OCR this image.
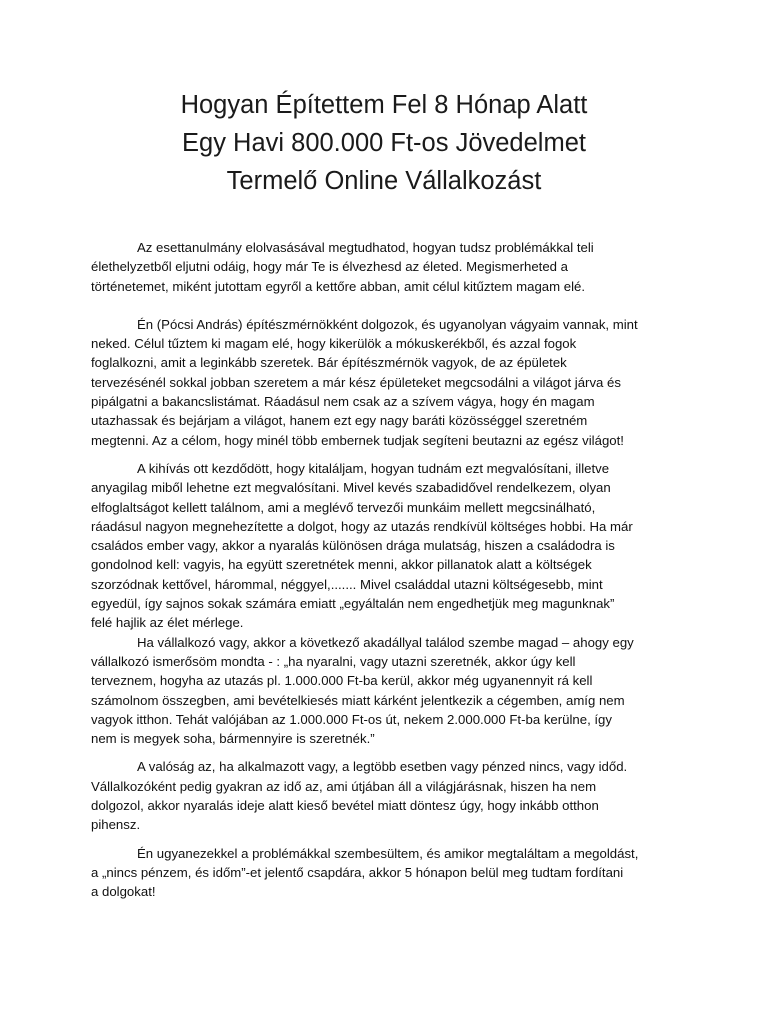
Hogyan Építettem Fel 8 Hónap Alatt
Egy Havi 800.000 Ft-os Jövedelmet
Termelő Online Vállalkozást

Az esettanulmány elolvasásával megtudhatod, hogyan tudsz problémákkal teli
élethelyzetből eljutni odáig, hogy már Te is élvezhesd az életed. Megismerheted a
történetemet, miként jutottam egyről a kettőre abban, amit célul kitűztem magam elé.

Én (Pócsi András) építészmérnökként dolgozok, és ugyanolyan vágyaim vannak, mint
neked. Célul tűztem ki magam elé, hogy kikerülök a mókuskerékből, és azzal fogok
foglalkozni, amit a leginkább szeretek. Bár építészmérnök vagyok, de az épületek
tervezésénél sokkal jobban szeretem a már kész épületeket megcsodálni a világot járva és
pipálgatni a bakancslistámat. Ráadásul nem csak az a szívem vágya, hogy én magam
utazhassak és bejárjam a világot, hanem ezt egy nagy baráti közösséggel szeretném
megtenni. Az a célom, hogy minél több embernek tudjak segíteni beutazni az egész világot!

A kihívás ott kezdődött, hogy kitaláljam, hogyan tudnám ezt megvalósítani, illetve
anyagilag miből lehetne ezt megvalósítani. Mivel kevés szabadidővel rendelkezem, olyan
elfoglaltságot kellett találnom, ami a meglévő tervezői munkáim mellett megcsinálható,
ráadásul nagyon megnehezítette a dolgot, hogy az utazás rendkívül költséges hobbi. Ha már
családos ember vagy, akkor a nyaralás különösen drága mulatság, hiszen a családodra is
gondolnod kell: vagyis, ha együtt szeretnétek menni, akkor pillanatok alatt a költségek
szorzódnak kettővel, hárommal, néggyel,....... Mivel családdal utazni költségesebb, mint
egyedül, így sajnos sokak számára emiatt „egyáltalán nem engedhetjük meg magunknak”
felé hajlik az élet mérlege.

Ha vállalkozó vagy, akkor a következő akadállyal találod szembe magad – ahogy egy
vállalkozó ismerősöm mondta - : „ha nyaralni, vagy utazni szeretnék, akkor úgy kell
terveznem, hogyha az utazás pl. 1.000.000 Ft-ba kerül, akkor még ugyanennyit rá kell
számolnom összegben, ami bevételkiesés miatt kárként jelentkezik a cégemben, amíg nem
vagyok itthon. Tehát valójában az 1.000.000 Ft-os út, nekem 2.000.000 Ft-ba kerülne, így
nem is megyek soha, bármennyire is szeretnék.”

A valóság az, ha alkalmazott vagy, a legtöbb esetben vagy pénzed nincs, vagy időd.
Vállalkozóként pedig gyakran az idő az, ami útjában áll a világjárásnak, hiszen ha nem
dolgozol, akkor nyaralás ideje alatt kieső bevétel miatt döntesz úgy, hogy inkább otthon
pihensz.

Én ugyanezekkel a problémákkal szembesültem, és amikor megtaláltam a megoldást,
a „nincs pénzem, és időm”-et jelentő csapdára, akkor 5 hónapon belül meg tudtam fordítani
a dolgokat!
